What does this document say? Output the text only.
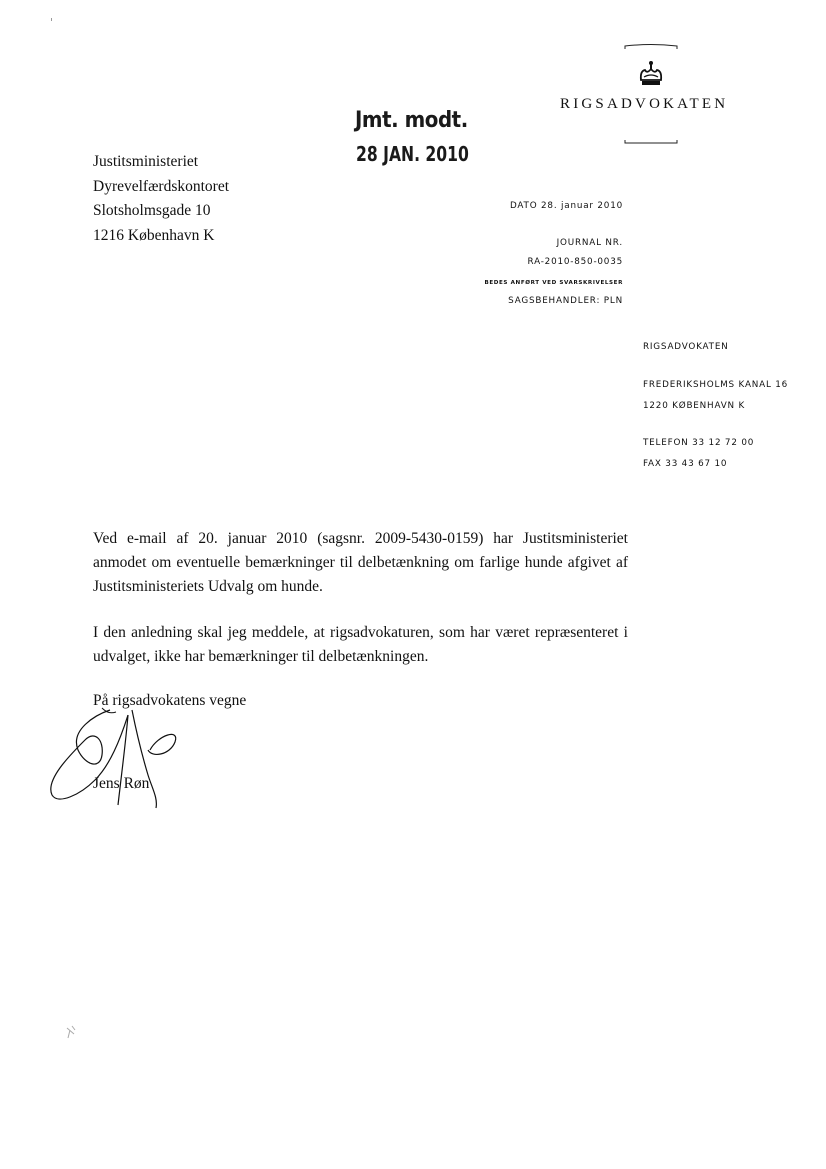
RIGSADVOKATEN
Jmt. modt.
28 JAN. 2010
Justitsministeriet
Dyrevelfærdskontoret
Slotsholmsgade 10
1216 København K
DATO 28. januar 2010
JOURNAL NR.
RA-2010-850-0035
BEDES ANFØRT VED SVARSKRIVELSER
SAGSBEHANDLER: PLN
RIGSADVOKATEN
FREDERIKSHOLMS KANAL 16
1220 KØBENHAVN K
TELEFON 33 12 72 00
FAX 33 43 67 10
Ved e-mail af 20. januar 2010 (sagsnr. 2009-5430-0159) har Justitsministeriet anmodet om eventuelle bemærkninger til delbetænkning om farlige hunde afgivet af Justitsministeriets Udvalg om hunde.
I den anledning skal jeg meddele, at rigsadvokaturen, som har været repræsenteret i udvalget, ikke har bemærkninger til delbetænkningen.
På rigsadvokatens vegne
Jens Røn
